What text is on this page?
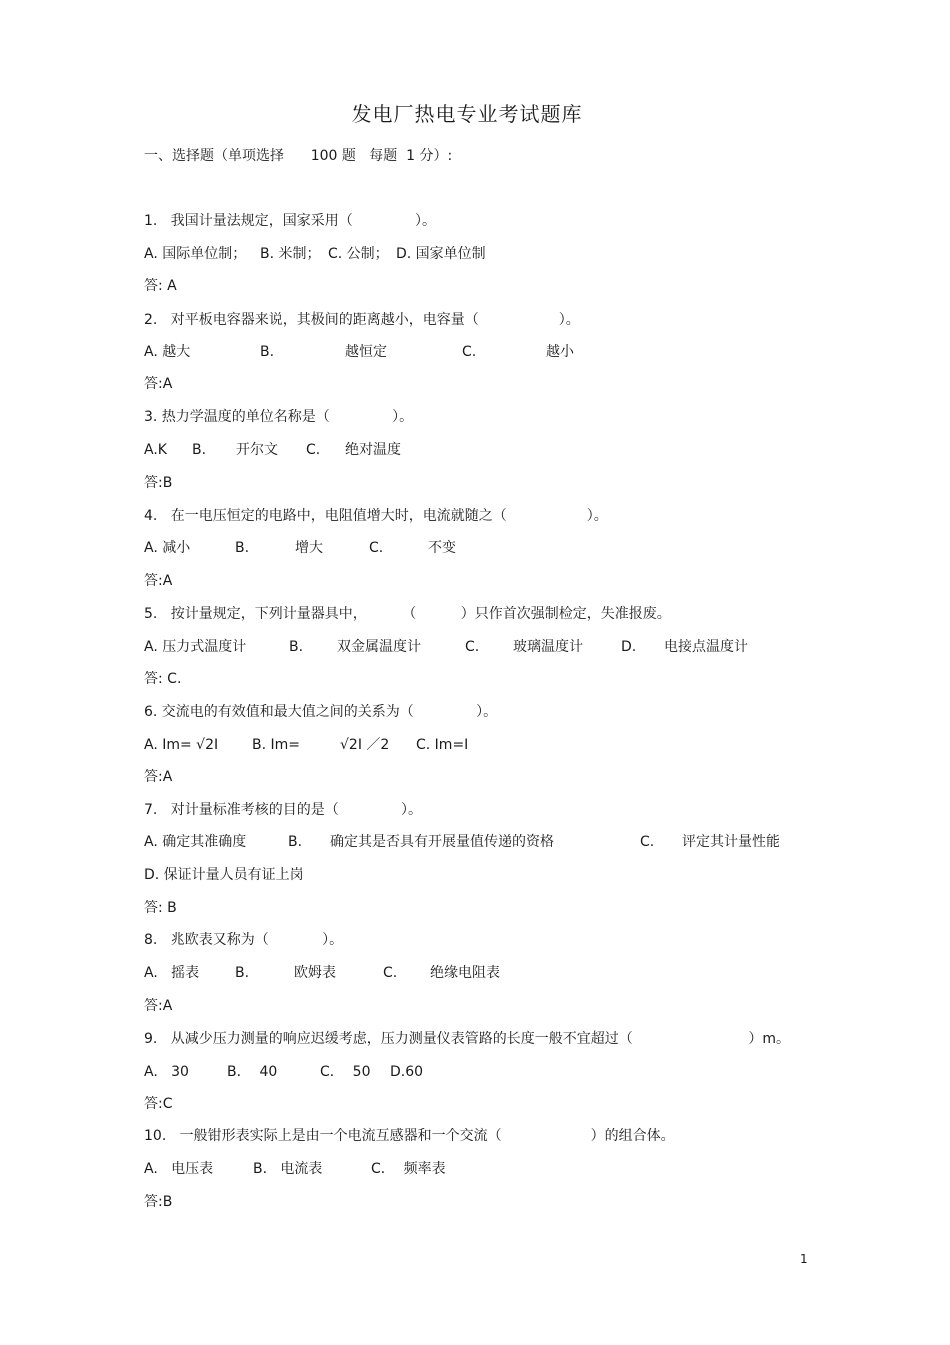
发电厂热电专业考试题库
一、选择题（单项选择      100 题   每题  1 分）:
1.   我国计量法规定，国家采用（              ）。
A. 国际单位制； B. 米制； C. 公制； D. 国家单位制
答: A
2.   对平板电容器来说，其极间的距离越小，电容量（                  ）。
A. 越大	B.	越恒定	C.	越小
答:A
3. 热力学温度的单位名称是（              ）。
A.K B. 开尔文 C. 绝对温度
答:B
4.   在一电压恒定的电路中，电阻值增大时，电流就随之（                  ）。
A. 减小	B.	增大	C.	不变
答:A
5.   按计量规定，下列计量器具中，        （          ）只作首次强制检定，失准报废。
A. 压力式温度计	B. 双金属温度计	C. 玻璃温度计	D. 电接点温度计
答: C.
6. 交流电的有效值和最大值之间的关系为（              ）。
A. Im= √2I B. Im=	√2I ／2 C. Im=I
答:A
7.   对计量标准考核的目的是（              ）。
A. 确定其准确度	B. 确定其是否具有开展量值传递的资格	C. 评定其计量性能
D. 保证计量人员有证上岗
答: B
8.   兆欧表又称为（            ）。
A.   摇表	B.	欧姆表	C. 绝缘电阻表
答:A
9.   从减少压力测量的响应迟缓考虑，压力测量仪表管路的长度一般不宜超过（                          ）m。
A.   30	B．  40	C．  50 D.60
答:C
10.   一般钳形表实际上是由一个电流互感器和一个交流（                    ）的组合体。
A.   电压表	B.   电流表	C．  频率表
答:B
1
